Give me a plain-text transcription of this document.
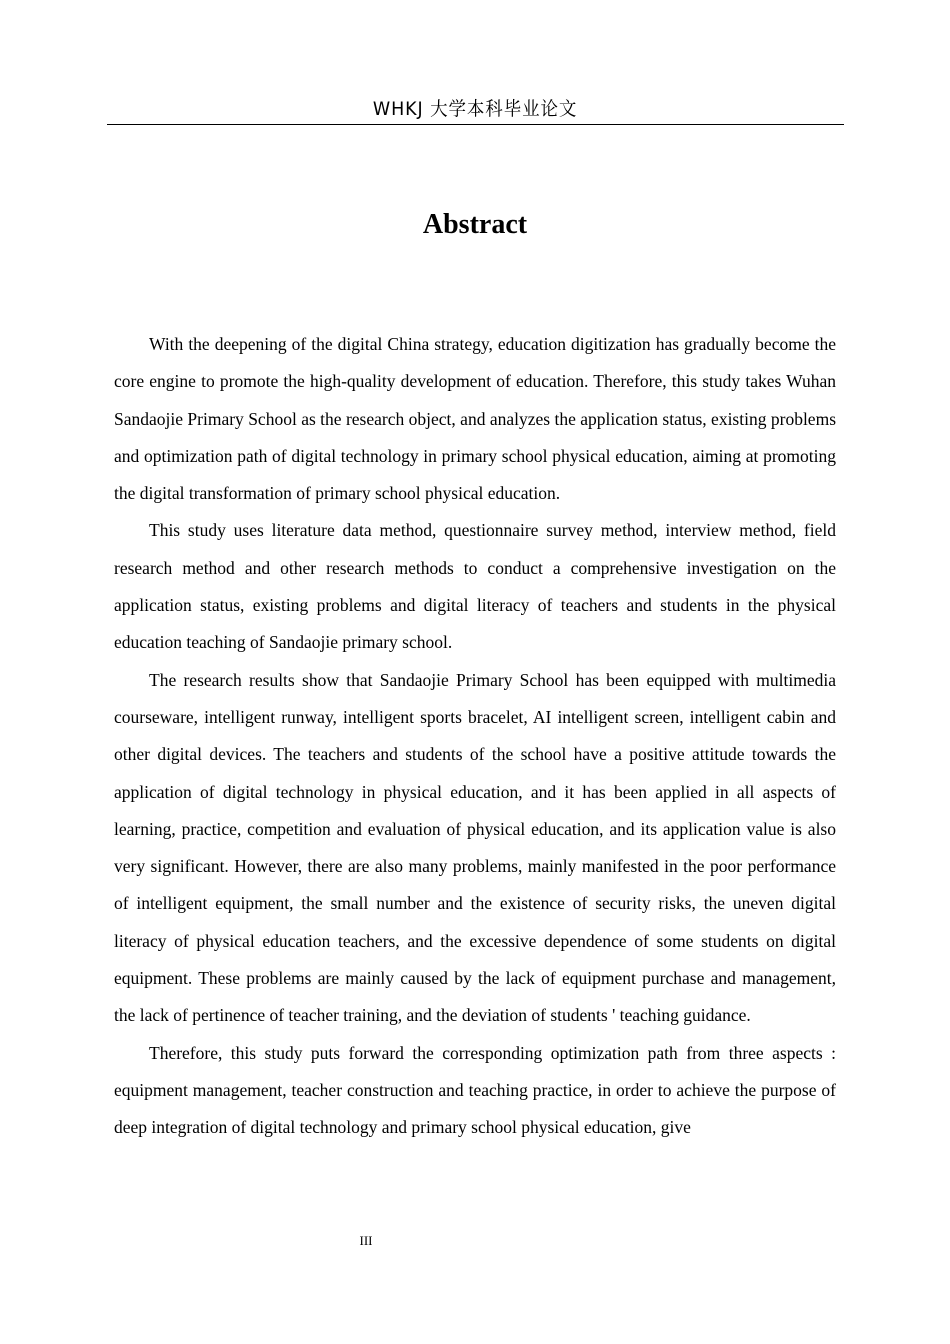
WHKJ 大学本科毕业论文
Abstract

With the deepening of the digital China strategy, education digitization has gradually become the core engine to promote the high-quality development of education. Therefore, this study takes Wuhan Sandaojie Primary School as the research object, and analyzes the application status, existing problems and optimization path of digital technology in primary school physical education, aiming at promoting the digital transformation of primary school physical education.

This study uses literature data method, questionnaire survey method, interview method, field research method and other research methods to conduct a comprehensive investigation on the application status, existing problems and digital literacy of teachers and students in the physical education teaching of Sandaojie primary school.

The research results show that Sandaojie Primary School has been equipped with multimedia courseware, intelligent runway, intelligent sports bracelet, AI intelligent screen, intelligent cabin and other digital devices. The teachers and students of the school have a positive attitude towards the application of digital technology in physical education, and it has been applied in all aspects of learning, practice, competition and evaluation of physical education, and its application value is also very significant. However, there are also many problems, mainly manifested in the poor performance of intelligent equipment, the small number and the existence of security risks, the uneven digital literacy of physical education teachers, and the excessive dependence of some students on digital equipment. These problems are mainly caused by the lack of equipment purchase and management, the lack of pertinence of teacher training, and the deviation of students ' teaching guidance.

Therefore, this study puts forward the corresponding optimization path from three aspects : equipment management, teacher construction and teaching practice, in order to achieve the purpose of deep integration of digital technology and primary school physical education, give

III
